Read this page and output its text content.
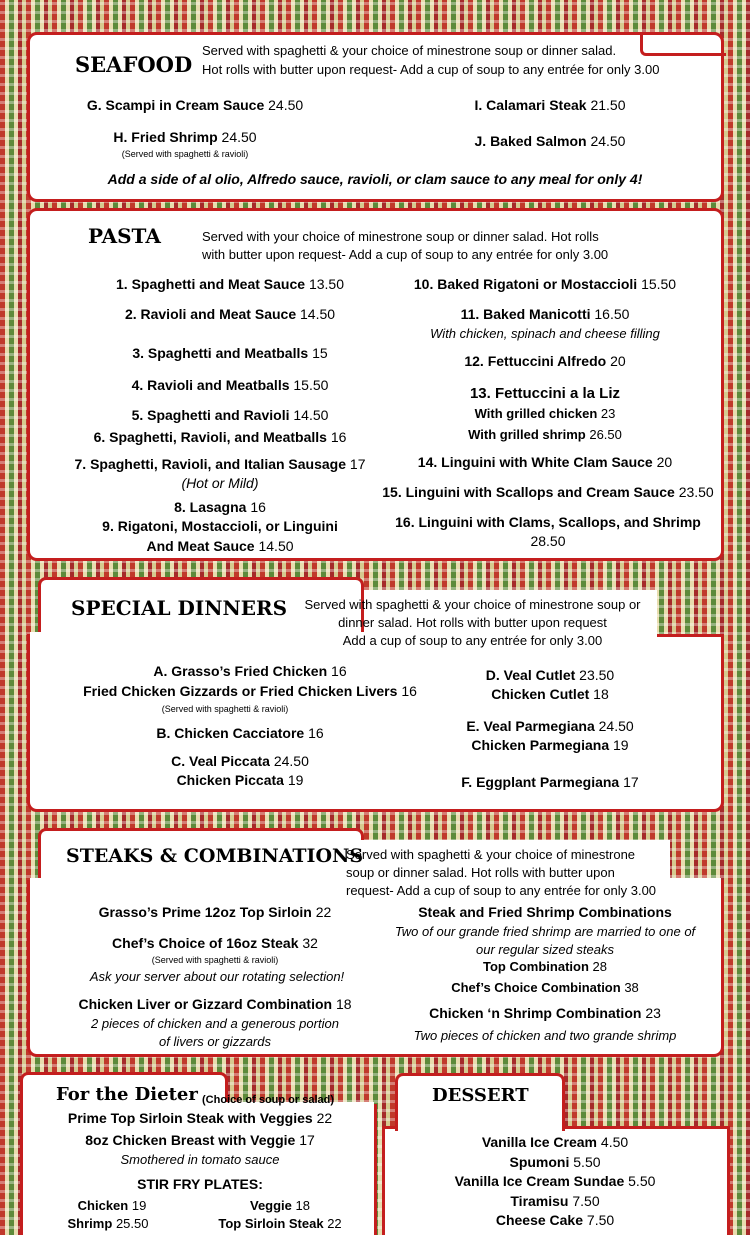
SEAFOOD
Served with spaghetti & your choice of minestrone soup or dinner salad.
Hot rolls with butter upon request- Add a cup of soup to any entrée for only 3.00
G. Scampi in Cream Sauce 24.50
H. Fried Shrimp 24.50
(Served with spaghetti & ravioli)
I. Calamari Steak 21.50
J. Baked Salmon 24.50
Add a side of al olio, Alfredo sauce, ravioli, or clam sauce to any meal for only 4!
PASTA	Served with your choice of minestrone soup or dinner salad. Hot rolls
with butter upon request- Add a cup of soup to any entrée for only 3.00
1. Spaghetti and Meat Sauce 13.50
2. Ravioli and Meat Sauce 14.50
3. Spaghetti and Meatballs 15
4. Ravioli and Meatballs 15.50
5. Spaghetti and Ravioli 14.50
6. Spaghetti, Ravioli, and Meatballs 16
7. Spaghetti, Ravioli, and Italian Sausage 17
(Hot or Mild)
8. Lasagna 16
9. Rigatoni, Mostaccioli, or Linguini
And Meat Sauce 14.50
10. Baked Rigatoni or Mostaccioli 15.50
11. Baked Manicotti 16.50
With chicken, spinach and cheese filling
12. Fettuccini Alfredo 20
13. Fettuccini a la Liz
With grilled chicken 23
With grilled shrimp 26.50
14. Linguini with White Clam Sauce 20
15. Linguini with Scallops and Cream Sauce 23.50
16. Linguini with Clams, Scallops, and Shrimp
28.50
SPECIAL DINNERS	Served with spaghetti & your choice of minestrone soup or
dinner salad. Hot rolls with butter upon request
Add a cup of soup to any entrée for only 3.00
A. Grasso’s Fried Chicken 16
Fried Chicken Gizzards or Fried Chicken Livers 16
(Served with spaghetti & ravioli)
B. Chicken Cacciatore 16
C. Veal Piccata 24.50
Chicken Piccata 19
D. Veal Cutlet 23.50
Chicken Cutlet 18
E. Veal Parmegiana 24.50
Chicken Parmegiana 19
F. Eggplant Parmegiana 17
STEAKS & COMBINATIONS
Served with spaghetti & your choice of minestrone
soup or dinner salad. Hot rolls with butter upon
request- Add a cup of soup to any entrée for only 3.00
Grasso’s Prime 12oz Top Sirloin 22
Chef’s Choice of 16oz Steak 32
(Served with spaghetti & ravioli)
Ask your server about our rotating selection!
Chicken Liver or Gizzard Combination 18
2 pieces of chicken and a generous portion
of livers or gizzards
Steak and Fried Shrimp Combinations
Two of our grande fried shrimp are married to one of
our regular sized steaks
Top Combination 28
Chef’s Choice Combination 38
Chicken ‘n Shrimp Combination 23
Two pieces of chicken and two grande shrimp
For the Dieter (Choice of soup or salad)
Prime Top Sirloin Steak with Veggies 22
8oz Chicken Breast with Veggie 17
Smothered in tomato sauce
STIR FRY PLATES:
Chicken 19	Veggie 18
Shrimp 25.50	Top Sirloin Steak 22
DESSERT
Vanilla Ice Cream 4.50
Spumoni 5.50
Vanilla Ice Cream Sundae 5.50
Tiramisu 7.50
Cheese Cake 7.50
